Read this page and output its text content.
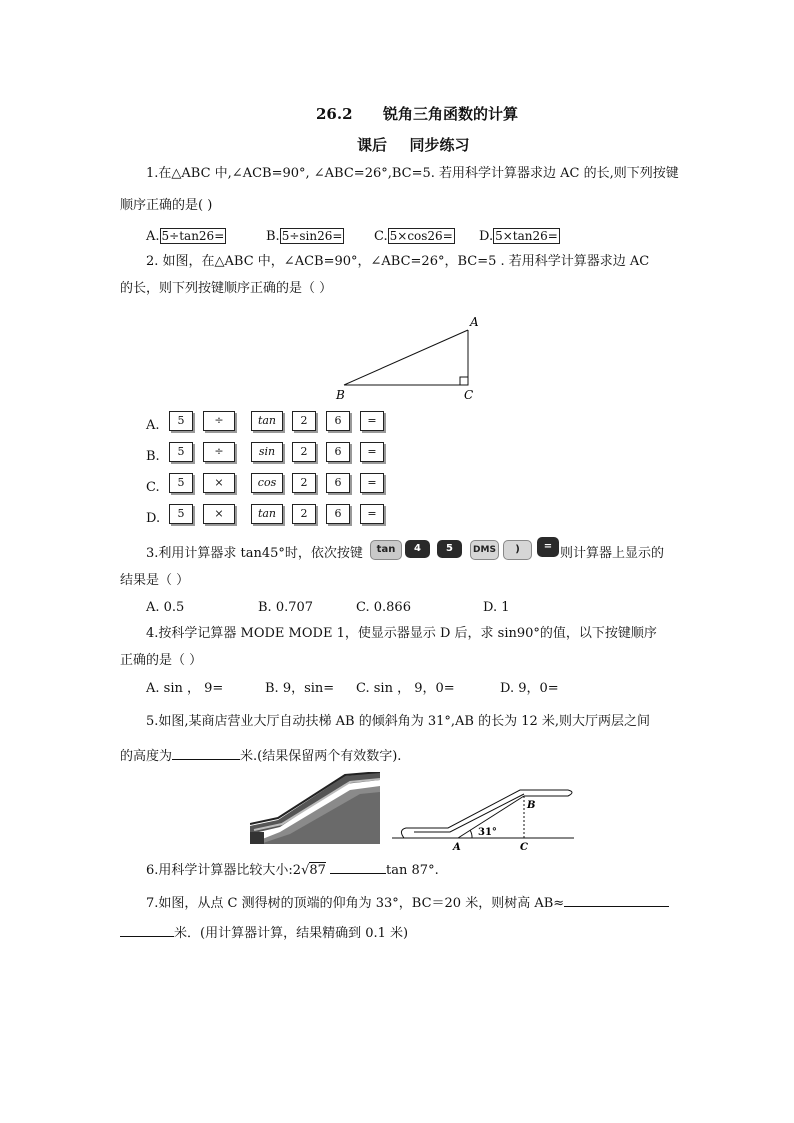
26.2 锐角三角函数的计算
课后 同步练习
1.在△ABC 中,∠ACB=90°, ∠ABC=26°,BC=5. 若用科学计算器求边 AC 的长,则下列按键
顺序正确的是( )
A. 5÷tan26=	B. 5÷sin26= C. 5×cos26= D. 5×tan26=
2. 如图，在△ABC 中，∠ACB=90°，∠ABC=26°，BC=5 . 若用科学计算器求边 AC
的长，则下列按键顺序正确的是（ ）
A
B	C
A.	5	÷	tan	2	6	=
B.	5	÷	sin	2	6	=
C.	5	×	cos	2	6	=
D.	5	×	tan	2	6	=
3.利用计算器求 tan45°时，依次按键	tan	4	5	DMS	)	= 则计算器上显示的
结果是（ ）
A. 0.5	B. 0.707	C. 0.866	D. 1
4.按科学记算器 MODE MODE 1，使显示器显示 D 后，求 sin90°的值，以下按键顺序
正确的是（ ）
A. sin ， 9=	B. 9，sin= C. sin ， 9，0=	D. 9，0=
5.如图,某商店营业大厅自动扶梯 AB 的倾斜角为 31°,AB 的长为 12 米,则大厅两层之间
的高度为	米.(结果保留两个有效数字).
31°
A
B
C
6.用科学计算器比较大小:2√87	tan 87°.
7.如图，从点 C 测得树的顶端的仰角为 33°，BC＝20 米，则树高 AB≈
米．(用计算器计算，结果精确到 0.1 米)
